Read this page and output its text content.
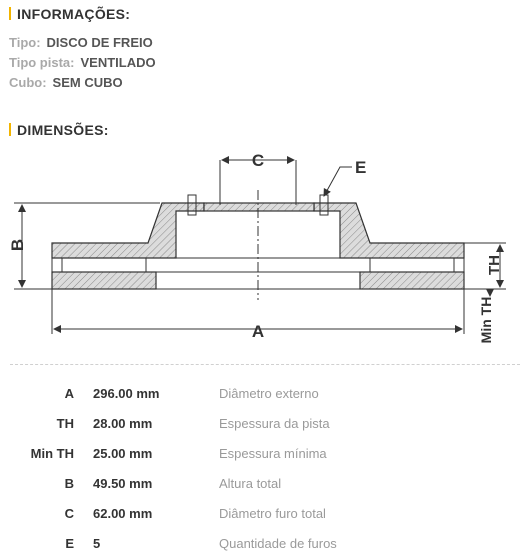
INFORMAÇÕES:
Tipo: DISCO DE FREIO
Tipo pista: VENTILADO
Cubo: SEM CUBO
DIMENSÕES:
C	E
B
TH
Min TH
A
A 296.00 mm	Diâmetro externo
TH 28.00 mm	Espessura da pista
Min TH 25.00 mm	Espessura mínima
B 49.50 mm	Altura total
C 62.00 mm	Diâmetro furo total
E 5	Quantidade de furos
